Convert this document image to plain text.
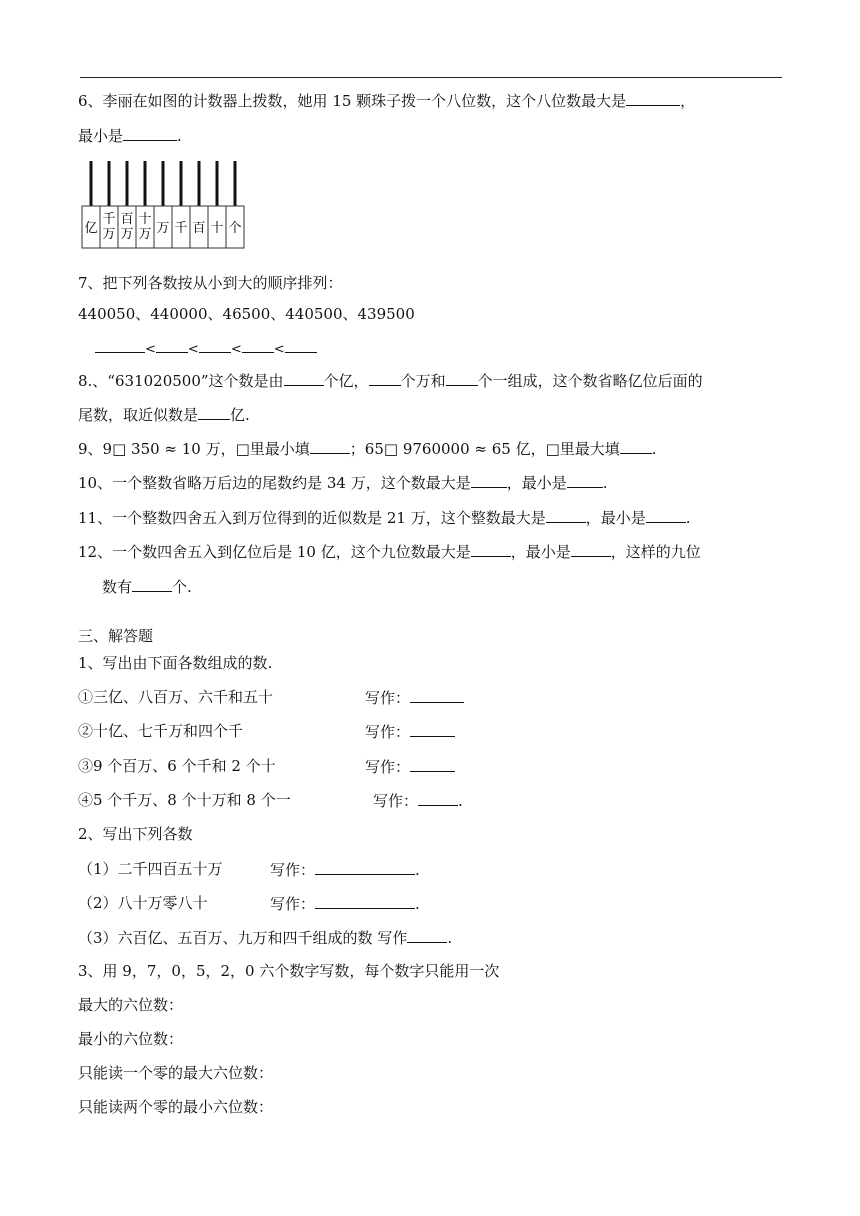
6、李丽在如图的计数器上拨数，她用 15 颗珠子拨一个八位数，这个八位数最大是	，
最小是	.
亿
千万
百万
十万 万 千 百 十 个
7、把下列各数按从小到大的顺序排列：
440050、440000、46500、440500、439500
< < < <
8.、“631020500”这个数是由	个亿， 个万和 个一组成，这个数省略亿位后面的
尾数，取近似数是 亿.
9、9□ 350 ≈ 10 万，□里最小填	；65□ 9760000 ≈ 65 亿，□里最大填 .
10、一个整数省略万后边的尾数约是 34 万，这个数最大是 ，最小是 .
11、一个整数四舍五入到万位得到的近似数是 21 万，这个整数最大是	，最小是	.
12、一个数四舍五入到亿位后是 10 亿，这个九位数最大是	，最小是	，这样的九位
数有	个.
三、解答题
1、写出由下面各数组成的数.
①三亿、八百万、六千和五十	写作：
②十亿、七千万和四个千	写作：
③9 个百万、6 个千和 2 个十	写作：
④5 个千万、8 个十万和 8 个一	写作：	.
2、写出下列各数
（1）二千四百五十万	写作：	.
（2）八十万零八十	写作：	.
（3）六百亿、五百万、九万和四千组成的数 写作	.
3、用 9，7，0，5，2，0 六个数字写数，每个数字只能用一次
最大的六位数：
最小的六位数：
只能读一个零的最大六位数：
只能读两个零的最小六位数：
